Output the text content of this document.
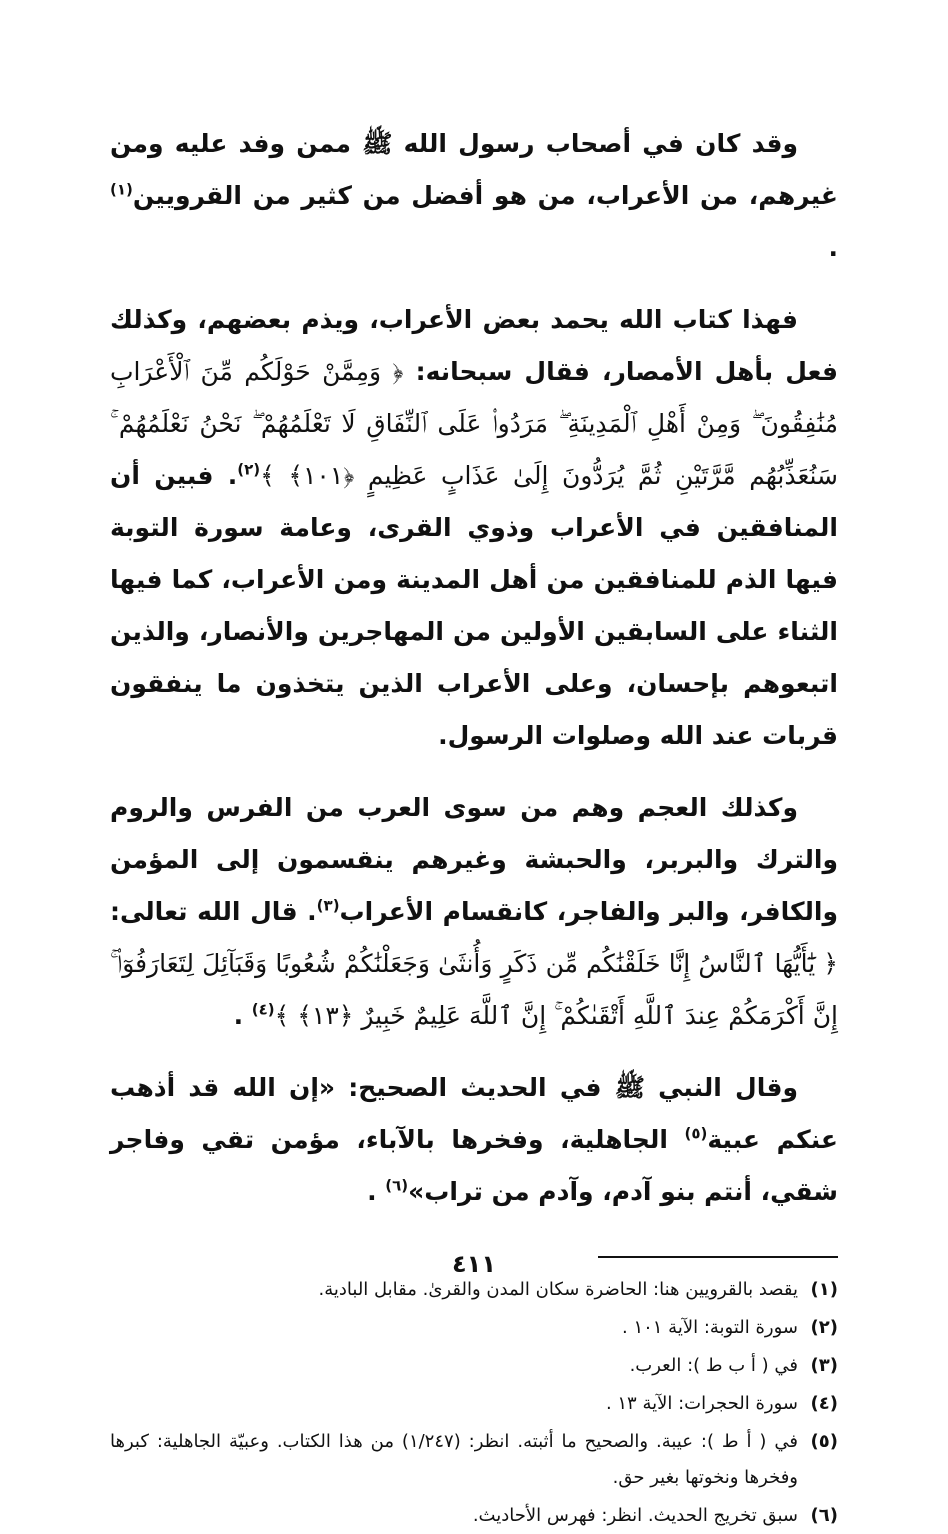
وقد كان في أصحاب رسول الله ﷺ ممن وفد عليه ومن غيرهم، من الأعراب، من هو أفضل من كثير من القرويين$^{(١)}$ .

فهذا كتاب الله يحمد بعض الأعراب، ويذم بعضهم، وكذلك فعل بأهل الأمصار، فقال سبحانه: ﴿ وَمِمَّنْ حَوْلَكُم مِّنَ ٱلْأَعْرَابِ مُنَٰفِقُونَ ۖ وَمِنْ أَهْلِ ٱلْمَدِينَةِ ۖ مَرَدُوا۟ عَلَى ٱلنِّفَاقِ لَا تَعْلَمُهُمْ ۖ نَحْنُ نَعْلَمُهُمْ ۚ سَنُعَذِّبُهُم مَّرَّتَيْنِ ثُمَّ يُرَدُّونَ إِلَىٰ عَذَابٍ عَظِيمٍ ﴿١٠١﴾ ﴾$^{(٢)}$. فبين أن المنافقين في الأعراب وذوي القرى، وعامة سورة التوبة فيها الذم للمنافقين من أهل المدينة ومن الأعراب، كما فيها الثناء على السابقين الأولين من المهاجرين والأنصار، والذين اتبعوهم بإحسان، وعلى الأعراب الذين يتخذون ما ينفقون قربات عند الله وصلوات الرسول.

وكذلك العجم وهم من سوى العرب من الفرس والروم والترك والبربر، والحبشة وغيرهم ينقسمون إلى المؤمن والكافر، والبر والفاجر، كانقسام الأعراب$^{(٣)}$. قال الله تعالى: ﴿ يَٰٓأَيُّهَا ٱلنَّاسُ إِنَّا خَلَقْنَٰكُم مِّن ذَكَرٍ وَأُنثَىٰ وَجَعَلْنَٰكُمْ شُعُوبًا وَقَبَآئِلَ لِتَعَارَفُوٓا۟ ۚ إِنَّ أَكْرَمَكُمْ عِندَ ٱللَّهِ أَتْقَىٰكُمْ ۚ إِنَّ ٱللَّهَ عَلِيمٌ خَبِيرٌ ﴿١٣﴾ ﴾$^{(٤)}$ .

وقال النبي ﷺ في الحديث الصحيح: «إن الله قد أذهب عنكم عبية$^{(٥)}$ الجاهلية، وفخرها بالآباء، مؤمن تقي وفاجر شقي، أنتم بنو آدم، وآدم من تراب»$^{(٦)}$ .

(١)
يقصد بالقرويين هنا: الحاضرة سكان المدن والقرىٰ. مقابل البادية.
(٢)
سورة التوبة: الآية ١٠١ .
(٣)
في ( أ ب ط ): العرب.
(٤)
سورة الحجرات: الآية ١٣ .
(٥)
في ( أ ط ): عيبة. والصحيح ما أثبته. انظر: (١/٢٤٧) من هذا الكتاب. وعبيّة الجاهلية: كبرها وفخرها ونخوتها بغير حق.
(٦)
سبق تخريج الحديث. انظر: فهرس الأحاديث.
٤١١
